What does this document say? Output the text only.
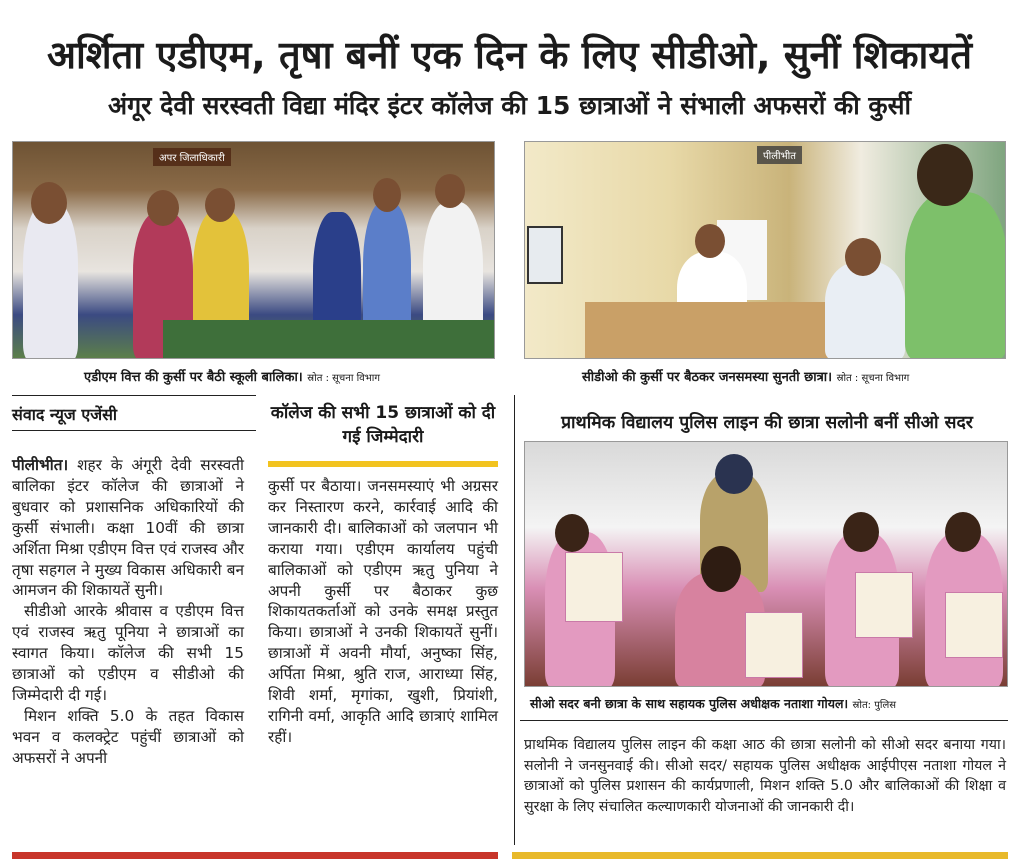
अर्शिता एडीएम, तृषा बनीं एक दिन के लिए सीडीओ, सुनीं शिकायतें
अंगूर देवी सरस्वती विद्या मंदिर इंटर कॉलेज की 15 छात्राओं ने संभाली अफसरों की कुर्सी
अपर जिलाधिकारी
एडीएम वित्त की कुर्सी पर बैठी स्कूली बालिका। स्रोत : सूचना विभाग
पीलीभीत
सीडीओ की कुर्सी पर बैठकर जनसमस्या सुनती छात्रा। स्रोत : सूचना विभाग
संवाद न्यूज एजेंसी	कॉलेज की सभी 15 छात्राओं को दी गई जिम्मेदारी

पीलीभीत। शहर के अंगूरी देवी सरस्वती बालिका इंटर कॉलेज की छात्राओं ने बुधवार को प्रशासनिक अधिकारियों की कुर्सी संभाली। कक्षा 10वीं की छात्रा अर्शिता मिश्रा एडीएम वित्त एवं राजस्व और तृषा सहगल ने मुख्य विकास अधिकारी बन आमजन की शिकायतें सुनी।

सीडीओ आरके श्रीवास व एडीएम वित्त एवं राजस्व ऋतु पूनिया ने छात्राओं का स्वागत किया। कॉलेज की सभी 15 छात्राओं को एडीएम व सीडीओ की जिम्मेदारी दी गई।

मिशन शक्ति 5.0 के तहत विकास भवन व कलक्ट्रेट पहुंचीं छात्राओं को अफसरों ने अपनी

कुर्सी पर बैठाया। जनसमस्याएं भी अग्रसर कर निस्तारण करने, कार्रवाई आदि की जानकारी दी। बालिकाओं को जलपान भी कराया गया। एडीएम कार्यालय पहुंची बालिकाओं को एडीएम ऋतु पुनिया ने अपनी कुर्सी पर बैठाकर कुछ शिकायतकर्ताओं को उनके समक्ष प्रस्तुत किया। छात्राओं ने उनकी शिकायतें सुनीं। छात्राओं में अवनी मौर्या, अनुष्का सिंह, अर्पिता मिश्रा, श्रुति राज, आराध्या सिंह, शिवी शर्मा, मृगांका, खुशी, प्रियांशी, रागिनी वर्मा, आकृति आदि छात्राएं शामिल रहीं।

प्राथमिक विद्यालय पुलिस लाइन की छात्रा सलोनी बनीं सीओ सदर
सीओ सदर बनी छात्रा के साथ सहायक पुलिस अधीक्षक नताशा गोयल। स्रोत: पुलिस
प्राथमिक विद्यालय पुलिस लाइन की कक्षा आठ की छात्रा सलोनी को सीओ सदर बनाया गया। सलोनी ने जनसुनवाई की। सीओ सदर/ सहायक पुलिस अधीक्षक आईपीएस नताशा गोयल ने छात्राओं को पुलिस प्रशासन की कार्यप्रणाली, मिशन शक्ति 5.0 और बालिकाओं की शिक्षा व सुरक्षा के लिए संचालित कल्याणकारी योजनाओं की जानकारी दी।
